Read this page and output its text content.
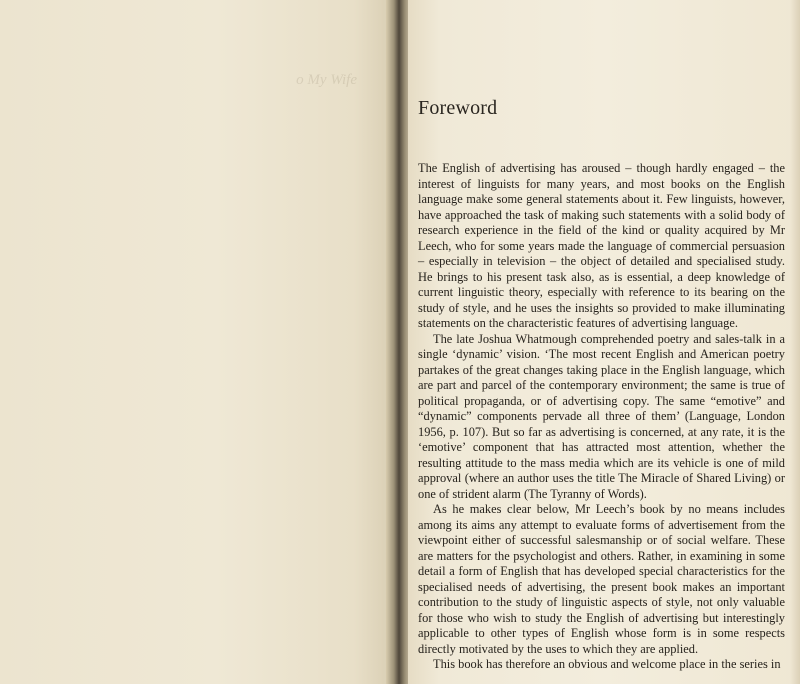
o My Wife
Foreword

The English of advertising has aroused – though hardly engaged – the interest of linguists for many years, and most books on the English language make some general statements about it. Few linguists, however, have approached the task of making such statements with a solid body of research experience in the field of the kind or quality acquired by Mr Leech, who for some years made the language of commercial persuasion – especially in television – the object of detailed and specialised study. He brings to his present task also, as is essential, a deep knowledge of current linguistic theory, especially with reference to its bearing on the study of style, and he uses the insights so provided to make illuminating statements on the characteristic features of advertising language.

The late Joshua Whatmough comprehended poetry and sales-talk in a single ‘dynamic’ vision. ‘The most recent English and American poetry partakes of the great changes taking place in the English language, which are part and parcel of the contemporary environment; the same is true of political propaganda, or of advertising copy. The same “emotive” and “dynamic” components pervade all three of them’ (Language, London 1956, p. 107). But so far as advertising is concerned, at any rate, it is the ‘emotive’ component that has attracted most attention, whether the resulting attitude to the mass media which are its vehicle is one of mild approval (where an author uses the title The Miracle of Shared Living) or one of strident alarm (The Tyranny of Words).

As he makes clear below, Mr Leech’s book by no means includes among its aims any attempt to evaluate forms of advertisement from the viewpoint either of successful salesmanship or of social welfare. These are matters for the psychologist and others. Rather, in examining in some detail a form of English that has developed special characteristics for the specialised needs of advertising, the present book makes an important contribution to the study of linguistic aspects of style, not only valuable for those who wish to study the English of advertising but interestingly applicable to other types of English whose form is in some respects directly motivated by the uses to which they are applied.

This book has therefore an obvious and welcome place in the series in
